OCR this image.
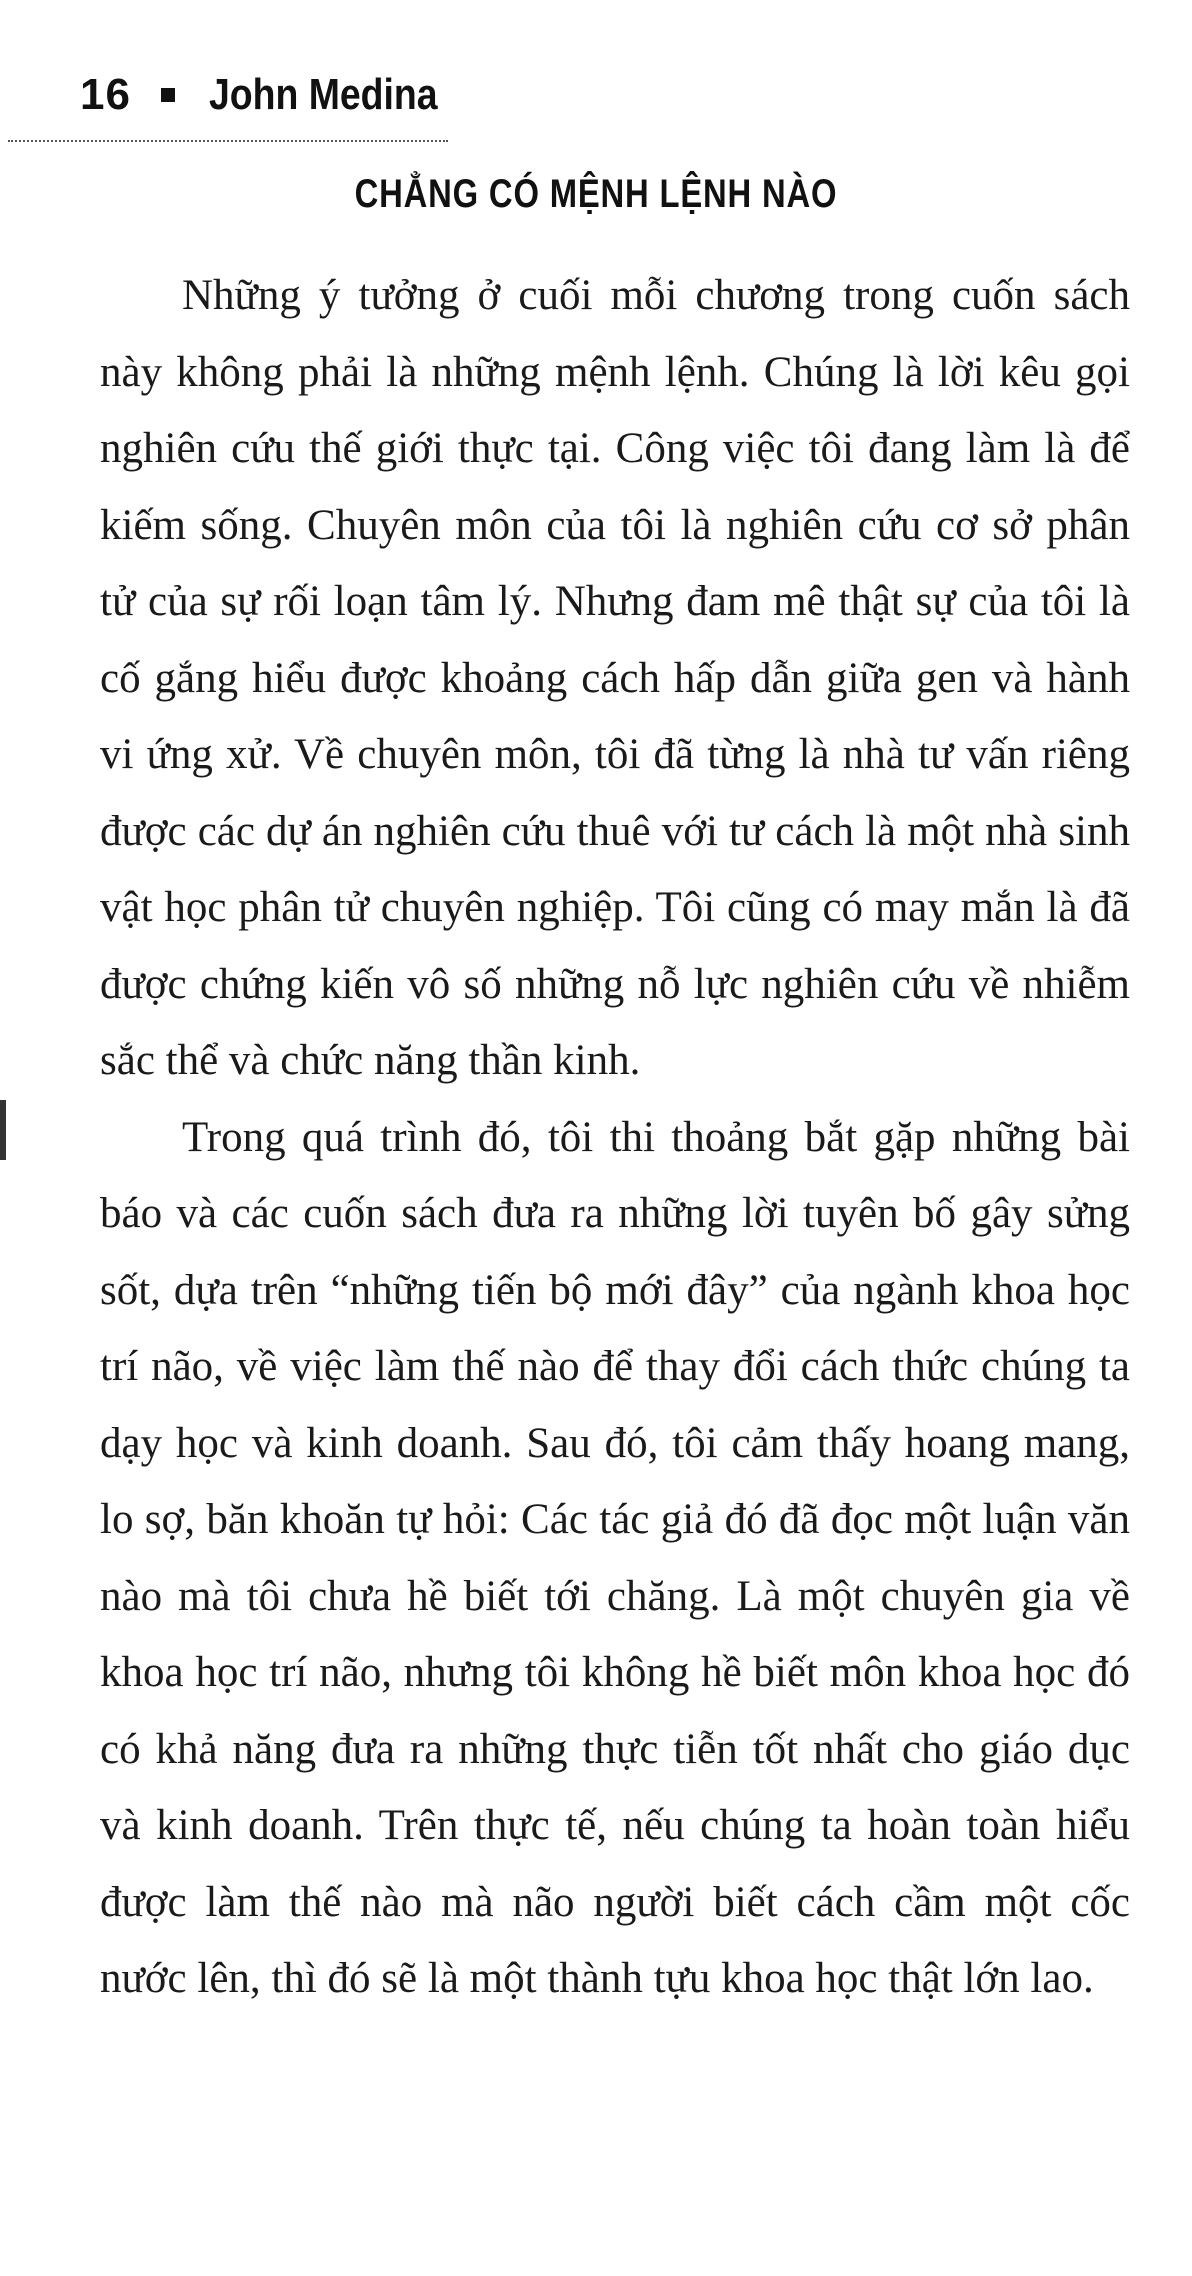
16 John Medina
CHẲNG CÓ MỆNH LỆNH NÀO

Những ý tưởng ở cuối mỗi chương trong cuốn sách này không phải là những mệnh lệnh. Chúng là lời kêu gọi nghiên cứu thế giới thực tại. Công việc tôi đang làm là để kiếm sống. Chuyên môn của tôi là nghiên cứu cơ sở phân tử của sự rối loạn tâm lý. Nhưng đam mê thật sự của tôi là cố gắng hiểu được khoảng cách hấp dẫn giữa gen và hành vi ứng xử. Về chuyên môn, tôi đã từng là nhà tư vấn riêng được các dự án nghiên cứu thuê với tư cách là một nhà sinh vật học phân tử chuyên nghiệp. Tôi cũng có may mắn là đã được chứng kiến vô số những nỗ lực nghiên cứu về nhiễm sắc thể và chức năng thần kinh.

Trong quá trình đó, tôi thi thoảng bắt gặp những bài báo và các cuốn sách đưa ra những lời tuyên bố gây sửng sốt, dựa trên “những tiến bộ mới đây” của ngành khoa học trí não, về việc làm thế nào để thay đổi cách thức chúng ta dạy học và kinh doanh. Sau đó, tôi cảm thấy hoang mang, lo sợ, băn khoăn tự hỏi: Các tác giả đó đã đọc một luận văn nào mà tôi chưa hề biết tới chăng. Là một chuyên gia về khoa học trí não, nhưng tôi không hề biết môn khoa học đó có khả năng đưa ra những thực tiễn tốt nhất cho giáo dục và kinh doanh. Trên thực tế, nếu chúng ta hoàn toàn hiểu được làm thế nào mà não người biết cách cầm một cốc nước lên, thì đó sẽ là một thành tựu khoa học thật lớn lao.
